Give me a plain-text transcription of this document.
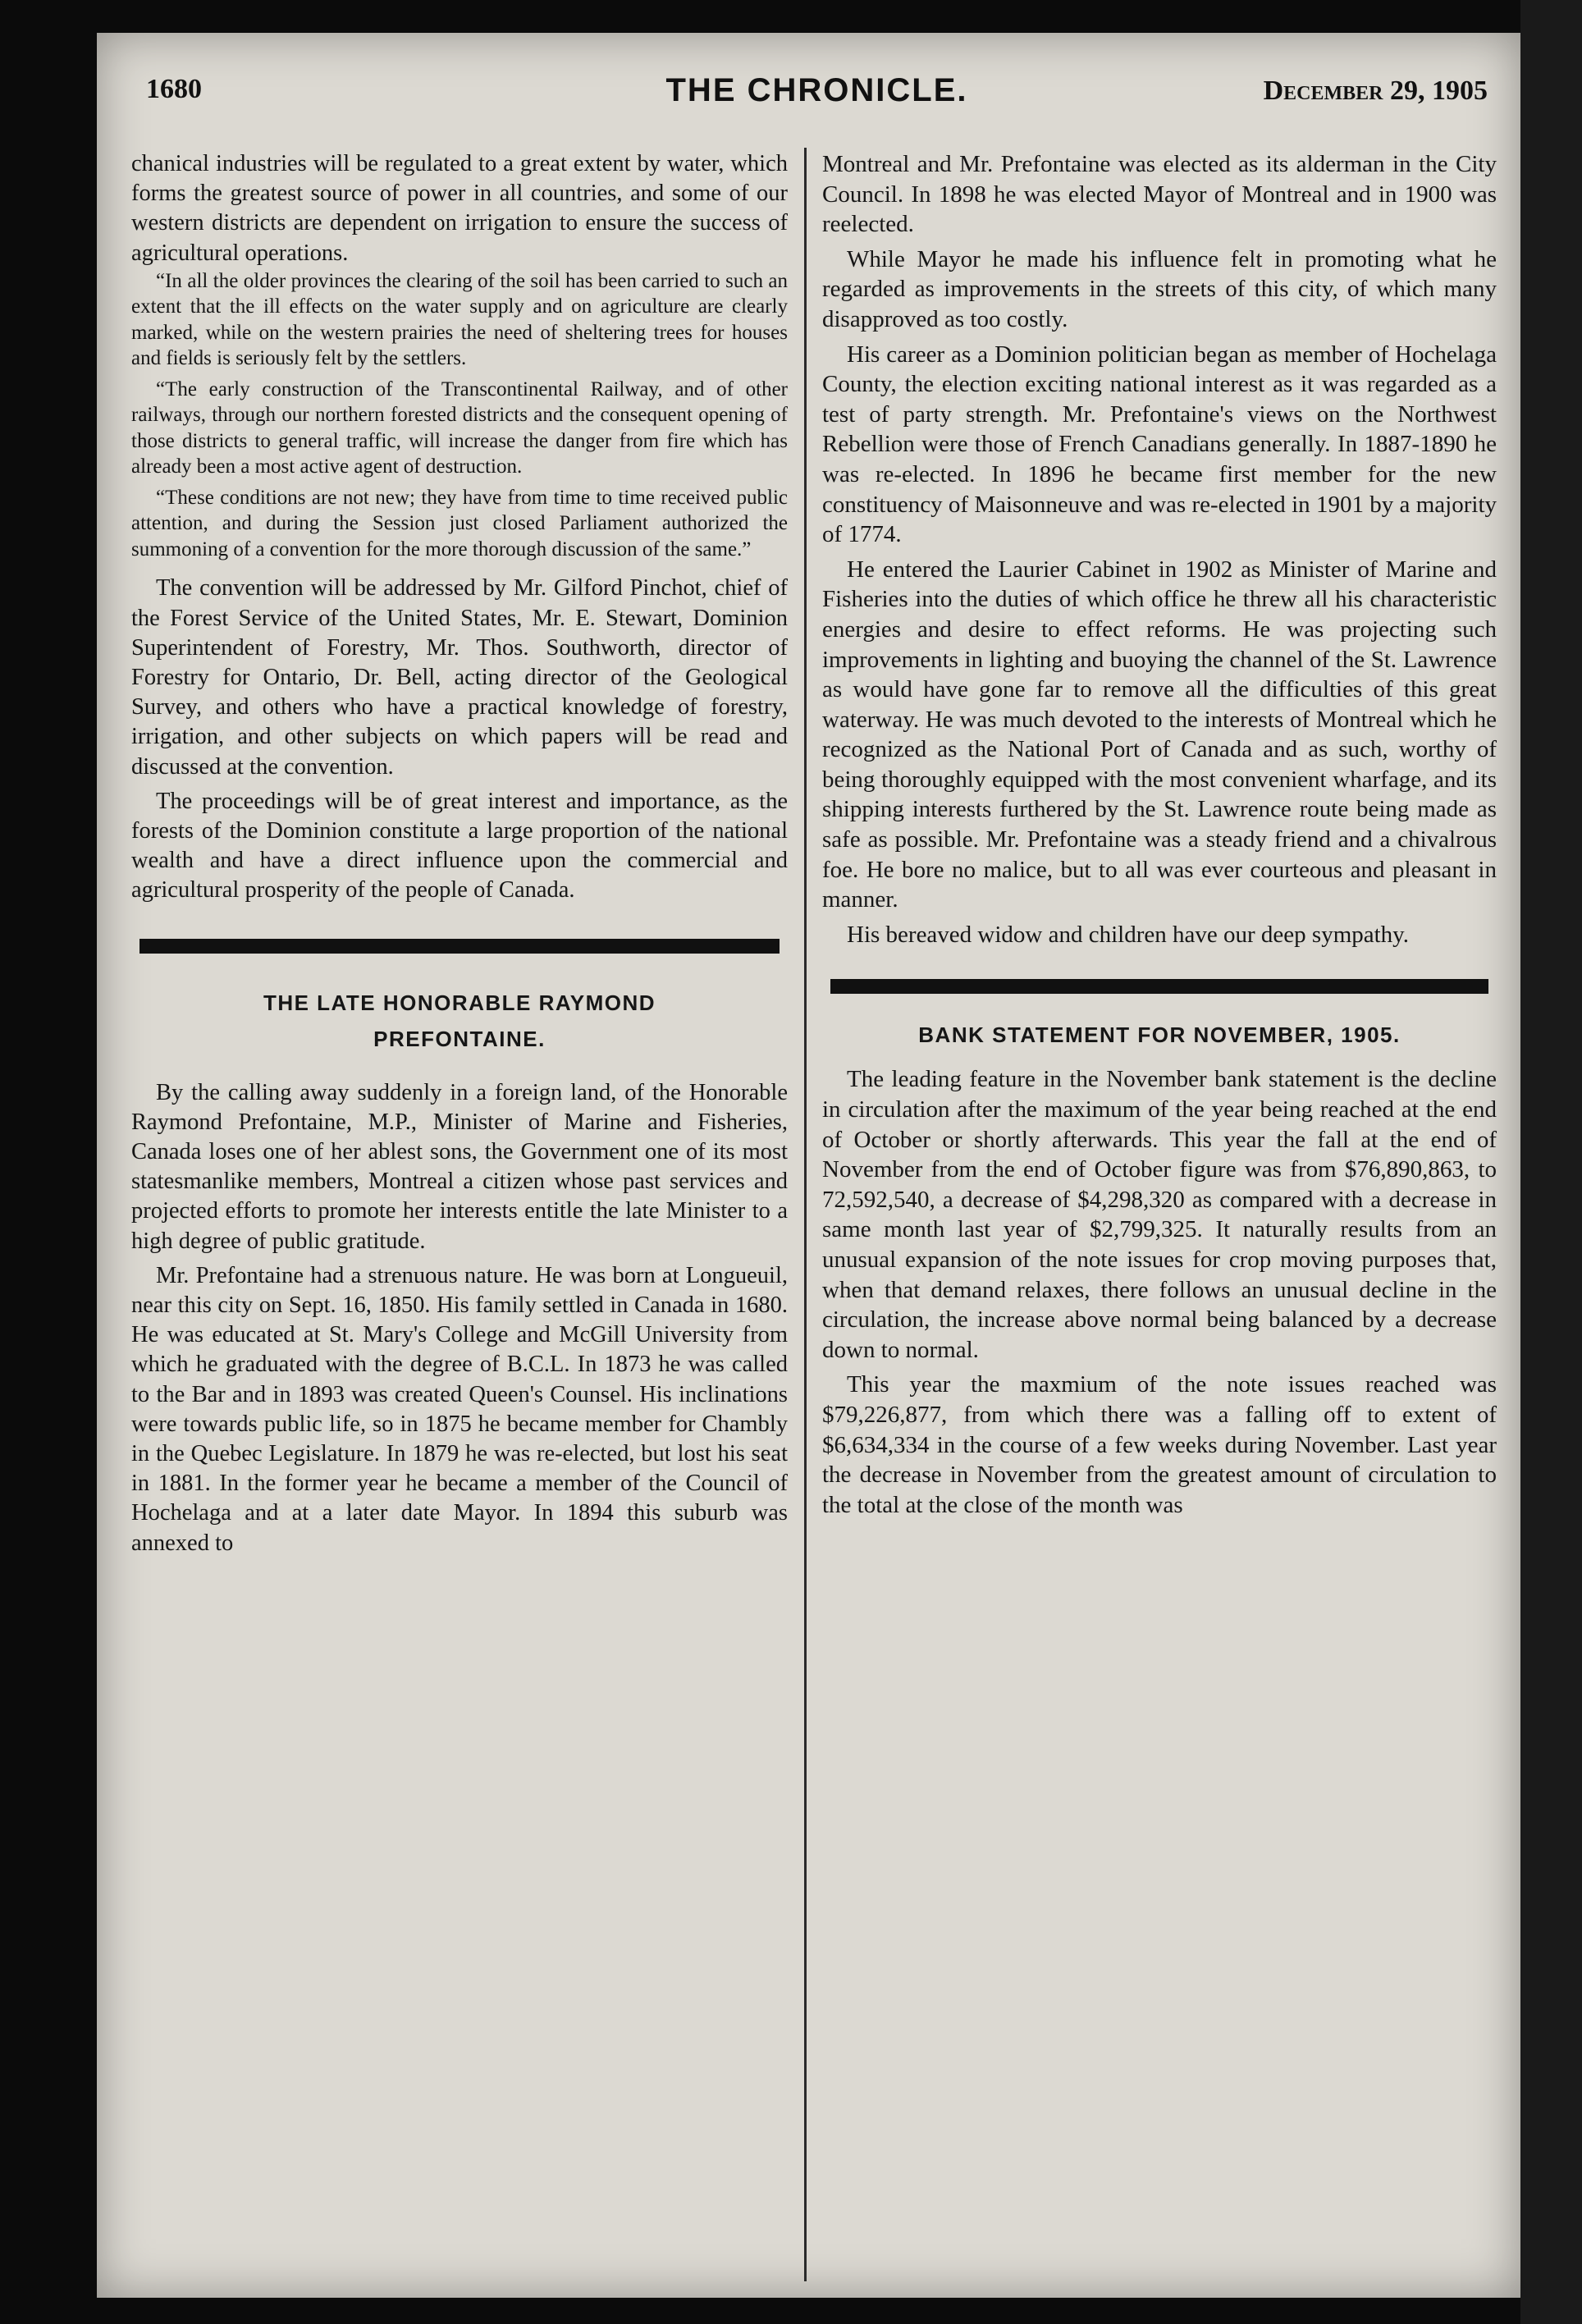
1680	THE CHRONICLE.	December 29, 1905

chanical industries will be regulated to a great extent by water, which forms the greatest source of power in all countries, and some of our western districts are dependent on irrigation to ensure the success of agricultural operations.

“In all the older provinces the clearing of the soil has been carried to such an extent that the ill effects on the water supply and on agriculture are clearly marked, while on the western prairies the need of sheltering trees for houses and fields is seriously felt by the settlers.

“The early construction of the Transcontinental Railway, and of other railways, through our northern forested districts and the consequent opening of those districts to general traffic, will increase the danger from fire which has already been a most active agent of destruction.

“These conditions are not new; they have from time to time received public attention, and during the Session just closed Parliament authorized the summoning of a convention for the more thorough discussion of the same.”

The convention will be addressed by Mr. Gilford Pinchot, chief of the Forest Service of the United States, Mr. E. Stewart, Dominion Superintendent of Forestry, Mr. Thos. Southworth, director of Forestry for Ontario, Dr. Bell, acting director of the Geological Survey, and others who have a practical knowledge of forestry, irrigation, and other subjects on which papers will be read and discussed at the convention.

The proceedings will be of great interest and importance, as the forests of the Dominion constitute a large proportion of the national wealth and have a direct influence upon the commercial and agricultural prosperity of the people of Canada.

THE LATE HONORABLE RAYMOND
PREFONTAINE.

By the calling away suddenly in a foreign land, of the Honorable Raymond Prefontaine, M.P., Minister of Marine and Fisheries, Canada loses one of her ablest sons, the Government one of its most statesmanlike members, Montreal a citizen whose past services and projected efforts to promote her interests entitle the late Minister to a high degree of public gratitude.

Mr. Prefontaine had a strenuous nature. He was born at Longueuil, near this city on Sept. 16, 1850. His family settled in Canada in 1680. He was educated at St. Mary's College and McGill University from which he graduated with the degree of B.C.L. In 1873 he was called to the Bar and in 1893 was created Queen's Counsel. His inclinations were towards public life, so in 1875 he became member for Chambly in the Quebec Legislature. In 1879 he was re-elected, but lost his seat in 1881. In the former year he became a member of the Council of Hochelaga and at a later date Mayor. In 1894 this suburb was annexed to

Montreal and Mr. Prefontaine was elected as its alderman in the City Council. In 1898 he was elected Mayor of Montreal and in 1900 was reelected.

While Mayor he made his influence felt in promoting what he regarded as improvements in the streets of this city, of which many disapproved as too costly.

His career as a Dominion politician began as member of Hochelaga County, the election exciting national interest as it was regarded as a test of party strength. Mr. Prefontaine's views on the Northwest Rebellion were those of French Canadians generally. In 1887-1890 he was re-elected. In 1896 he became first member for the new constituency of Maisonneuve and was re-elected in 1901 by a majority of 1774.

He entered the Laurier Cabinet in 1902 as Minister of Marine and Fisheries into the duties of which office he threw all his characteristic energies and desire to effect reforms. He was projecting such improvements in lighting and buoying the channel of the St. Lawrence as would have gone far to remove all the difficulties of this great waterway. He was much devoted to the interests of Montreal which he recognized as the National Port of Canada and as such, worthy of being thoroughly equipped with the most convenient wharfage, and its shipping interests furthered by the St. Lawrence route being made as safe as possible. Mr. Prefontaine was a steady friend and a chivalrous foe. He bore no malice, but to all was ever courteous and pleasant in manner.

His bereaved widow and children have our deep sympathy.

BANK STATEMENT FOR NOVEMBER, 1905.

The leading feature in the November bank statement is the decline in circulation after the maximum of the year being reached at the end of October or shortly afterwards. This year the fall at the end of November from the end of October figure was from $76,890,863, to 72,592,540, a decrease of $4,298,320 as compared with a decrease in same month last year of $2,799,325. It naturally results from an unusual expansion of the note issues for crop moving purposes that, when that demand relaxes, there follows an unusual decline in the circulation, the increase above normal being balanced by a decrease down to normal.

This year the maxmium of the note issues reached was $79,226,877, from which there was a falling off to extent of $6,634,334 in the course of a few weeks during November. Last year the decrease in November from the greatest amount of circulation to the total at the close of the month was
